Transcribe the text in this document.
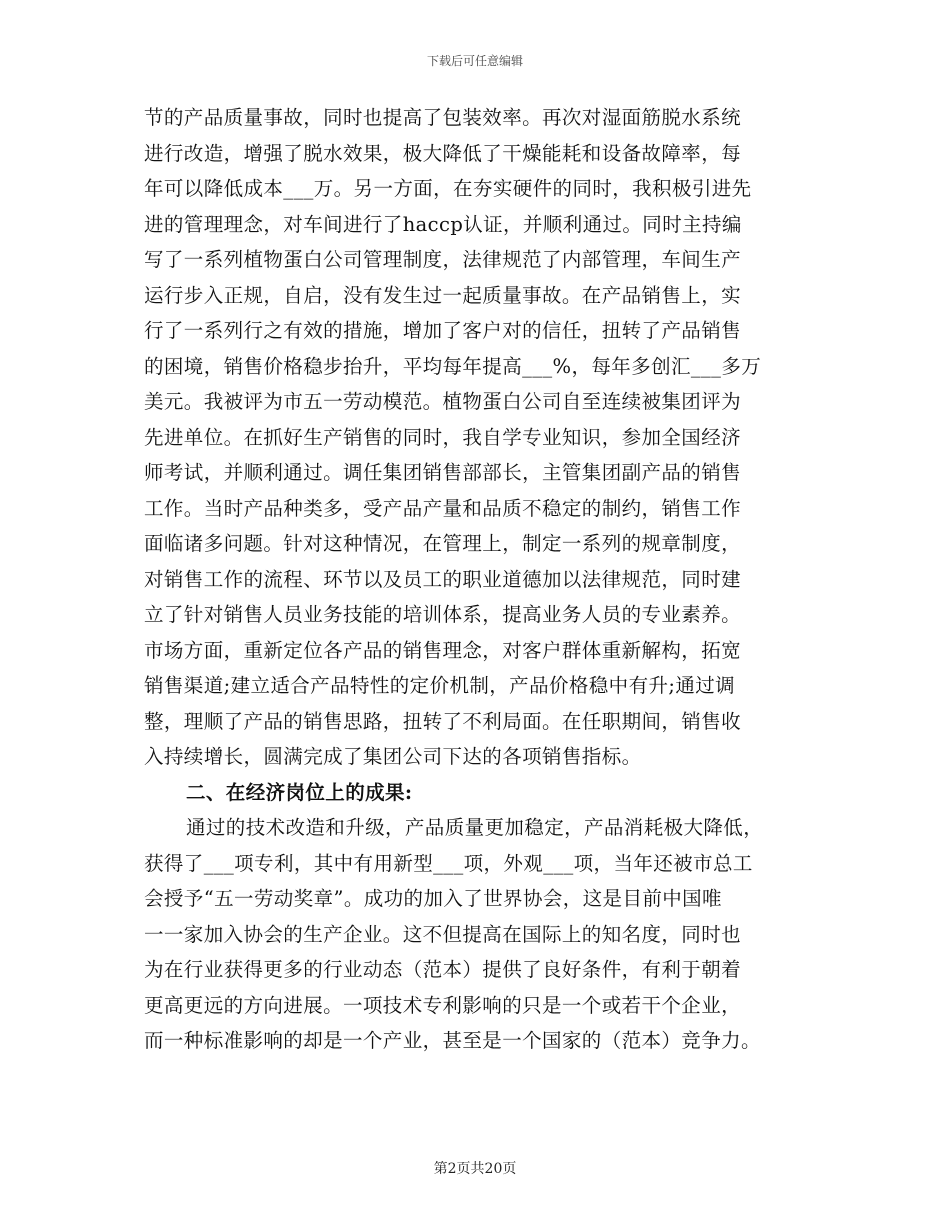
下载后可任意编辑
节的产品质量事故，同时也提高了包装效率。再次对湿面筋脱水系统
进行改造，增强了脱水效果，极大降低了干燥能耗和设备故障率，每
年可以降低成本___万。另一方面，在夯实硬件的同时，我积极引进先
进的管理理念，对车间进行了haccp认证，并顺利通过。同时主持编
写了一系列植物蛋白公司管理制度，法律规范了内部管理，车间生产
运行步入正规，自启，没有发生过一起质量事故。在产品销售上，实
行了一系列行之有效的措施，增加了客户对的信任，扭转了产品销售
的困境，销售价格稳步抬升，平均每年提高___%，每年多创汇___多万
美元。我被评为市五一劳动模范。植物蛋白公司自至连续被集团评为
先进单位。在抓好生产销售的同时，我自学专业知识，参加全国经济
师考试，并顺利通过。调任集团销售部部长，主管集团副产品的销售
工作。当时产品种类多，受产品产量和品质不稳定的制约，销售工作
面临诸多问题。针对这种情况，在管理上，制定一系列的规章制度，
对销售工作的流程、环节以及员工的职业道德加以法律规范，同时建
立了针对销售人员业务技能的培训体系，提高业务人员的专业素养。
市场方面，重新定位各产品的销售理念，对客户群体重新解构，拓宽
销售渠道;建立适合产品特性的定价机制，产品价格稳中有升;通过调
整，理顺了产品的销售思路，扭转了不利局面。在任职期间，销售收
入持续增长，圆满完成了集团公司下达的各项销售指标。
二、在经济岗位上的成果:
通过的技术改造和升级，产品质量更加稳定，产品消耗极大降低，
获得了___项专利，其中有用新型___项，外观___项，当年还被市总工
会授予“五一劳动奖章”。成功的加入了世界协会，这是目前中国唯
一一家加入协会的生产企业。这不但提高在国际上的知名度，同时也
为在行业获得更多的行业动态（范本）提供了良好条件，有利于朝着
更高更远的方向进展。一项技术专利影响的只是一个或若干个企业，
而一种标准影响的却是一个产业，甚至是一个国家的（范本）竞争力。
第2页共20页
